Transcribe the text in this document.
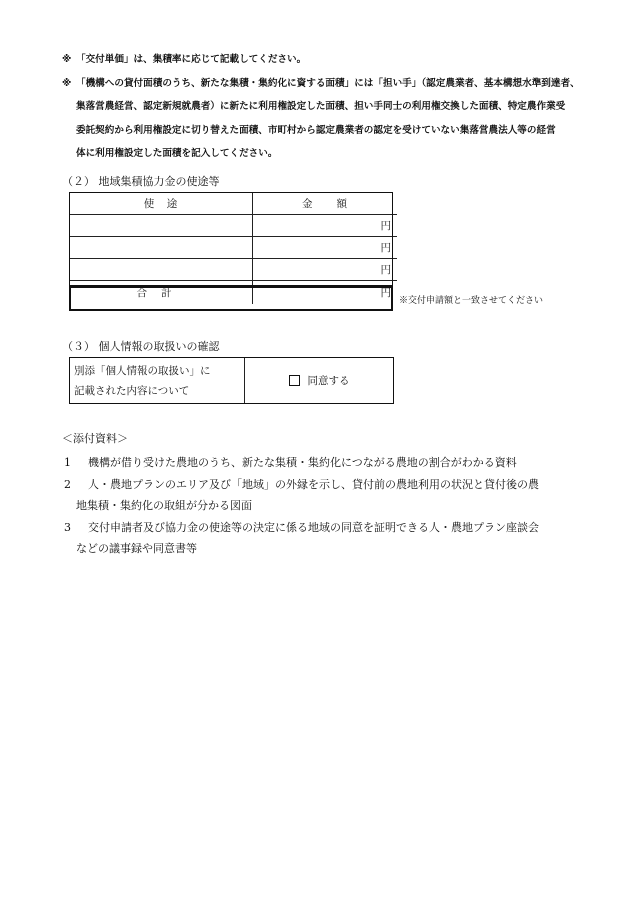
※ 「交付単価」は、集積率に応じて記載してください。
※ 「機構への貸付面積のうち、新たな集積・集約化に資する面積」には「担い手」（認定農業者、基本構想水準到達者、
集落営農経営、認定新規就農者）に新たに利用権設定した面積、担い手同士の利用権交換した面積、特定農作業受
委託契約から利用権設定に切り替えた面積、市町村から認定農業者の認定を受けていない集落営農法人等の経営
体に利用権設定した面積を記入してください。
（２） 地域集積協力金の使途等
使　途	金　　額
	円
	円
	円
合計	円
※交付申請額と一致させてください
（３） 個人情報の取扱いの確認
別添「個人情報の取扱い」に
記載された内容について
同意する
＜添付資料＞
1	機構が借り受けた農地のうち、新たな集積・集約化につながる農地の割合がわかる資料
2	人・農地プランのエリア及び「地域」の外縁を示し、貸付前の農地利用の状況と貸付後の農
地集積・集約化の取組が分かる図面
3	交付申請者及び協力金の使途等の決定に係る地域の同意を証明できる人・農地プラン座談会
などの議事録や同意書等
